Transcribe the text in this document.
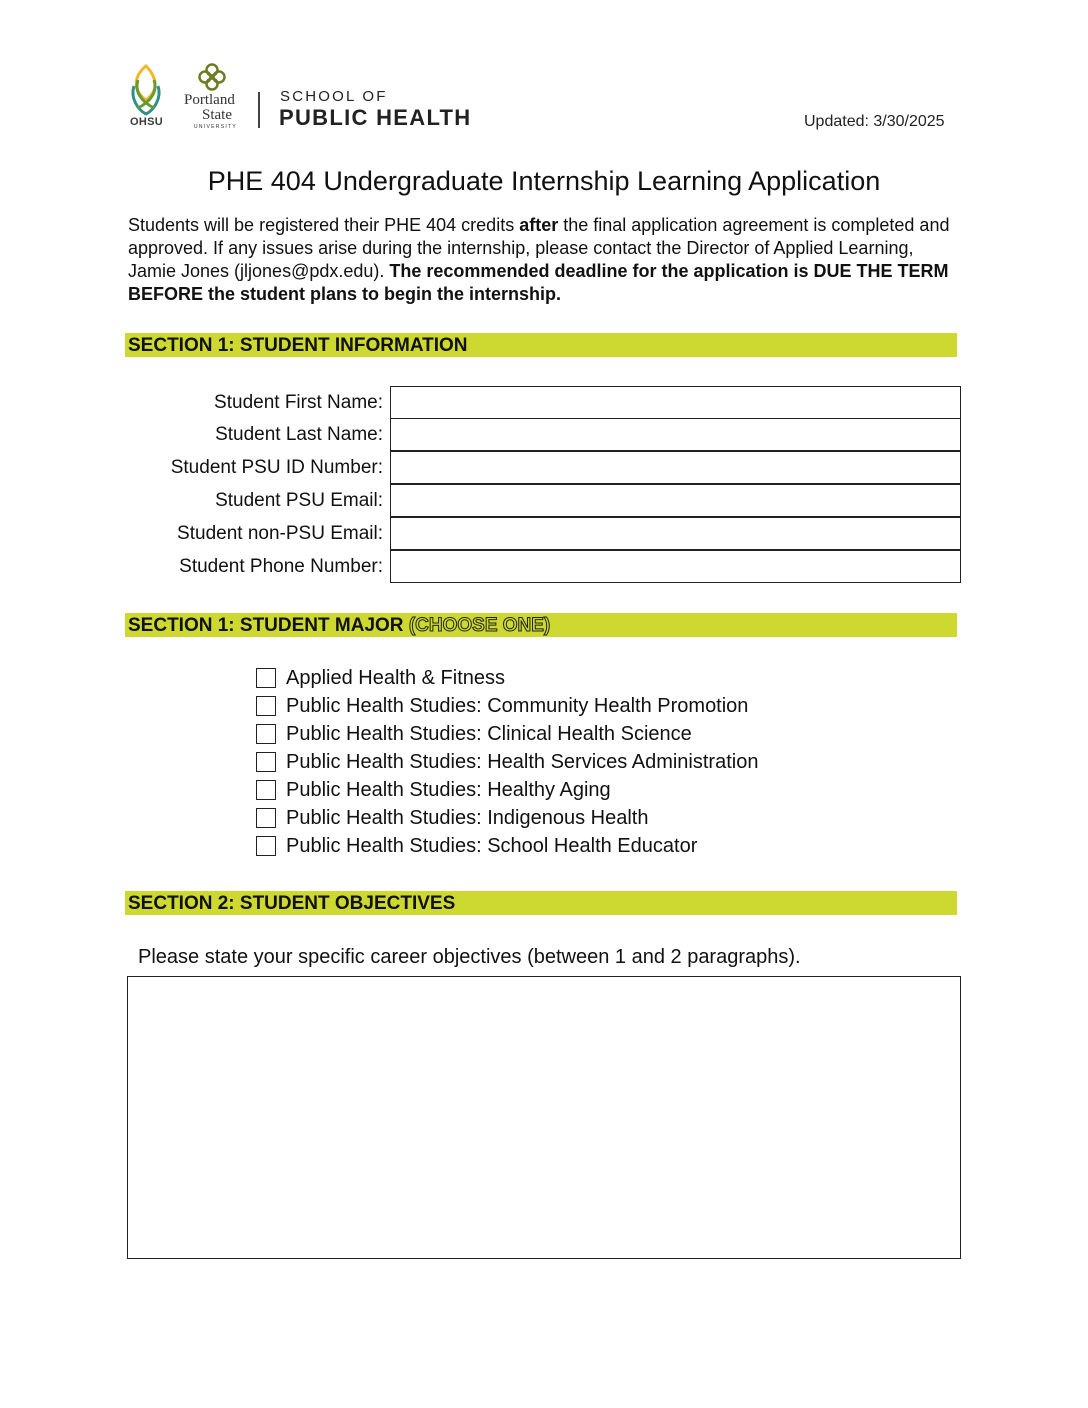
OHSU
Portland
State
UNIVERSITY
SCHOOL OF
PUBLIC HEALTH	Updated: 3/30/2025
PHE 404 Undergraduate Internship Learning Application
Students will be registered their PHE 404 credits after the final application agreement is completed and approved. If any issues arise during the internship, please contact the Director of Applied Learning, Jamie Jones (jljones@pdx.edu). The recommended deadline for the application is DUE THE TERM BEFORE the student plans to begin the internship.
SECTION 1: STUDENT INFORMATION
Student First Name:
Student Last Name:
Student PSU ID Number:
Student PSU Email:
Student non-PSU Email:
Student Phone Number:
SECTION 1: STUDENT MAJOR (CHOOSE ONE)
Applied Health & Fitness
Public Health Studies: Community Health Promotion
Public Health Studies: Clinical Health Science
Public Health Studies: Health Services Administration
Public Health Studies: Healthy Aging
Public Health Studies: Indigenous Health
Public Health Studies: School Health Educator
SECTION 2: STUDENT OBJECTIVES
Please state your specific career objectives (between 1 and 2 paragraphs).
